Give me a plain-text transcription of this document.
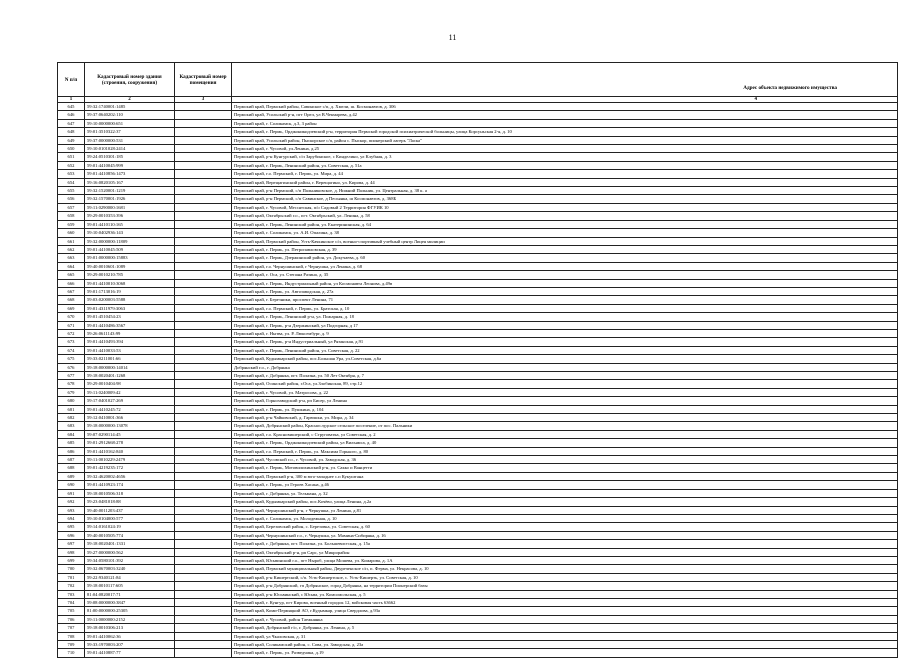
11
N п/п	Кадастровый номер здания (строения, сооружения)	Кадастровый номер помещения	Адрес объекта недвижимого имущества
1	2	3	4
645	59:32:1740001:1485		Пермский край, Пермский район, Савинское с/п, д. Хмели, ш. Космонавтов, д. 306
646	59:37:0640202:110		Пермский край, Усольский р-н, пгт Орел, ул В.Чекмарева, д.42
647	59:10:0000000:651		Пермский край, г. Соликамск, д.3, 3 район
648	59:01:3510322:37		Пермский край, г. Пермь, Орджоникидзевский р-н, территория Пермской городской психиатрической больницы, улица Корсуньская 2-я, д. 10
649	59:37:0000000:531		Пермский край, Усольский район, Пыскорское с/п, район с. Пыскор, пионерский лагерь "Ласка"
650	59:10:0101028:2414		Пермский край, г. Чусовой, ул.Ленина, д.25
651	59:24:0510301:185		Пермский край, р-н Кунгурский, с/п Зарубинское, с Кинделино, ул Клубная, д. 3
652	59:01:4410045:999		Пермский край, г. Пермь, Ленинский район, ул. Советская, д. 51а
653	59:01:4410856:1473		Пермский край, г.о. Пермский, г. Пермь, ул. Мира, д. 44
654	59:16:0820105:167		Пермский край, Верещагинский район, г. Верещагино, ул. Кирова, д. 44
655	59:32:1520001:1219		Пермский край, р-н Пермский, с/п Пальниковское, д. Нижний Пальник, ул. Центральная, д. 38 к. а
656	59:32:1570001:1926		Пермский край, р-н Пермский, с/п Савинское, д Песьянка, ш Космонавтов, д. 368Б
657	59:11:0290000:1681		Пермский край, г. Чусовой, Мессятская, п/о Садовый 2 Территория ФГУИК 10
658	59:29:0010353:396		Пермский край, Октябрьский г.о., пгт. Октябрьский, ул. Ленина, д. 58
659	59:01:4410110:165		Пермский край, г. Пермь, Ленинский район, ул. Екатерининская, д. 64
660	59:10:0402936:143		Пермский край, г. Соликамск, ул. А.И. Опалина, д. 38
661	59:32:0000000:11809		Пермский край, Пермский район, Усть-Качкинское с/п, военно-спортивный учебный центр Лицея милиции
662	59:01:4410045:509		Пермский край, г. Пермь, ул. Петропавловская, д. 39
663	59:01:0000000:15883		Пермский край, г. Пермь, Дзержинский район, ул. Докучаева, д. 60
664	59:40:0010601:1089		Пермский край, г.о. Чернушинский, г Чернушка, ул Ленина, д. 68
665	59:29:0010210:785		Пермский край, г. Оса, ул. Степана Разина, д. 35
666	59:01:4410010:3068		Пермский край, г. Пермь, Индустриальный район, ул Космонавта Леонова, д.49в
667	59:01:1713016:19		Пермский край, г. Пермь, ул. Автозаводская, д. 27а
668	59:03:0200003:5588		Пермский край, г. Березники, проспект Ленина, 71
669	59:01:4311979:3063		Пермский край, г.о. Пермский, г. Пермь, ул. Братская, д. 10
670	59:01:4510454:23		Пермский край, г. Пермь, Ленинский р-н, ул. Пожарная, д. 18
671	59:01:4410486:3567		Пермский край, г. Пермь, р-н Дзержинский, ул Подгорная, д 17
672	59:26:0611143:99		Пермский край, г. Нытва, ул. Р. Люксембург, д. 9
673	59:01:4410493:394		Пермский край, г. Пермь, р-н Индустриальный, ул Рязанская, д.91
674	59:01:4410033:53		Пермский край, г. Пермь, Ленинский район, ул. Советская, д. 22
675	59:33:0211001:66		Пермский край, Кудымкарский район, пос.Большая Ура, ул.Советская, д.6а
676	59:18:0000000:14014		Добрянский г.о., г. Добрянка
677	59:18:0020401:1268		Пермский край, г. Добрянка, пгт. Полазна, ул. 50 Лет Октября, д. 7
678	59:29:0010404:98		Пермский край, Осинский район, г.Оса, ул.Злобинская, 89, стр.12
679	59:11:0240009:42		Пермский край, г. Чусовой, ул. Матросова, д. 22
680	59:17:0401027:269		Пермский край, Горнозаводский р-н, рп Бисер, ул Ленина
681	59:01:4410245:72		Пермский край, г. Пермь, ул. Пушкина, д. 104
682	59:12:0410001:366		Пермский край, р-н Чайковский, д. Гарюшки, ул. Мира, д. 34
683	59:18:0000000:13078		Пермский край, Добрянский район, Краснослудское сельское поселение, от пос. Пальники
684	59:07:0290114:45		Пермский край, г.о. Красновишерский, с Струговатка, ул Советская, д. 2
685	59:01:2912668:278		Пермский край, г. Пермь, Орджоникидзевский район, ул Вильямса, д. 40
686	59:01:4410162:840		Пермский край, г.о. Пермский, г. Пермь, ул. Максима Горького, д. 80
687	59:11:0010229:2479		Пермский край, Чусовской г.о., г. Чусовой, ул. Заводская, д. 36
688	59:01:4219235:172		Пермский край, г. Пермь, Мотовилихинский р-н, ул. Сакко и Ванцетти
689	59:32:4620002:4656		Пермский край, Пермский р-н, 300 м юго-западнее с.п Кукуштана
690	59:01:4410923:174		Пермский край, г. Пермь, ул Героев Хасана, д.46
691	59:18:0010506:318		Пермский край, г. Добрянка, ул. Тельмана, д. 32
692	59:23:0481018:88		Пермский край, Кудымкарский район, пос.Кочёво, улица Ленина, д.2а
693	59:40:0011203:437		Пермский край, Чернушинский р-н, г Чернушка, ул Ленина, д.81
694	59:10:0104000:577		Пермский край, г. Соликамск, ул. Молодежная, д. 10
695	59:14:0161024:19		Пермский край, Березовский район, с. Березовка, ул. Советская, д. 60
696	59:40:0010505:774		Пермский край, Чернушинский г.о., г. Чернушка, ул. Мамина-Сибиряка, д. 16
697	59:18:0020401:1331		Пермский край, г. Добрянка, пгт. Полазна, ул. Большевистская, д. 15а
698	59:27:0000000:562		Пермский край, Октябрьский р-н, рп Сарс, ул Микрорайон
699	59:34:0580101:392		Пермский край, Юсьвинский г.о., пгт Ныроб, улица Мошева, ул. Комарова, д. 1А
700	59:32:0670003:3240		Пермский край, Пермский муниципальный район, Двуреченское с/п, п. Ферма, ул. Некрасова, д. 10
701	59:22:9340121:84		Пермский край, р-н Кишертский, с/п. Усть-Кишертское, с. Усть-Кишерть, ул. Советская, д. 10
702	59:18:0010117:605		Пермский край, р-н Добрянский, гп Добрянское, город Добрянка, на территории Пионерский базы
703	81:04:0820017:71		Пермский край, р-н Юсьвинский, с Юсьва, ул. Комсомольская, д. 5
704	59:08:0000000:3847		Пермский край, г. Кунгур, пгт Кирова, военный городок 12, войсковая часть 63662
705	81:00:0000000:25305		Пермский край, Коми-Пермяцкий АО, г.Кудымкар, улица Свердлова, д.93а
706	59:11:0000000:2152		Пермский край, г. Чусовой, район Таежнянка
707	59:18:0010306:213		Пермский край, Добрянский г/о, г. Добрянка, ул. Ленина, д. 5
708	59:01:4410062:36		Пермский край, ул Чкаловская, д. 31
709	59:33:1970003:207		Пермский край, Соликамский район, с. Сова, ул. Заводская, д. 23а
710	59:01:4410887:77		Пермский край, г. Пермь, ул. Разведчика, д.19
